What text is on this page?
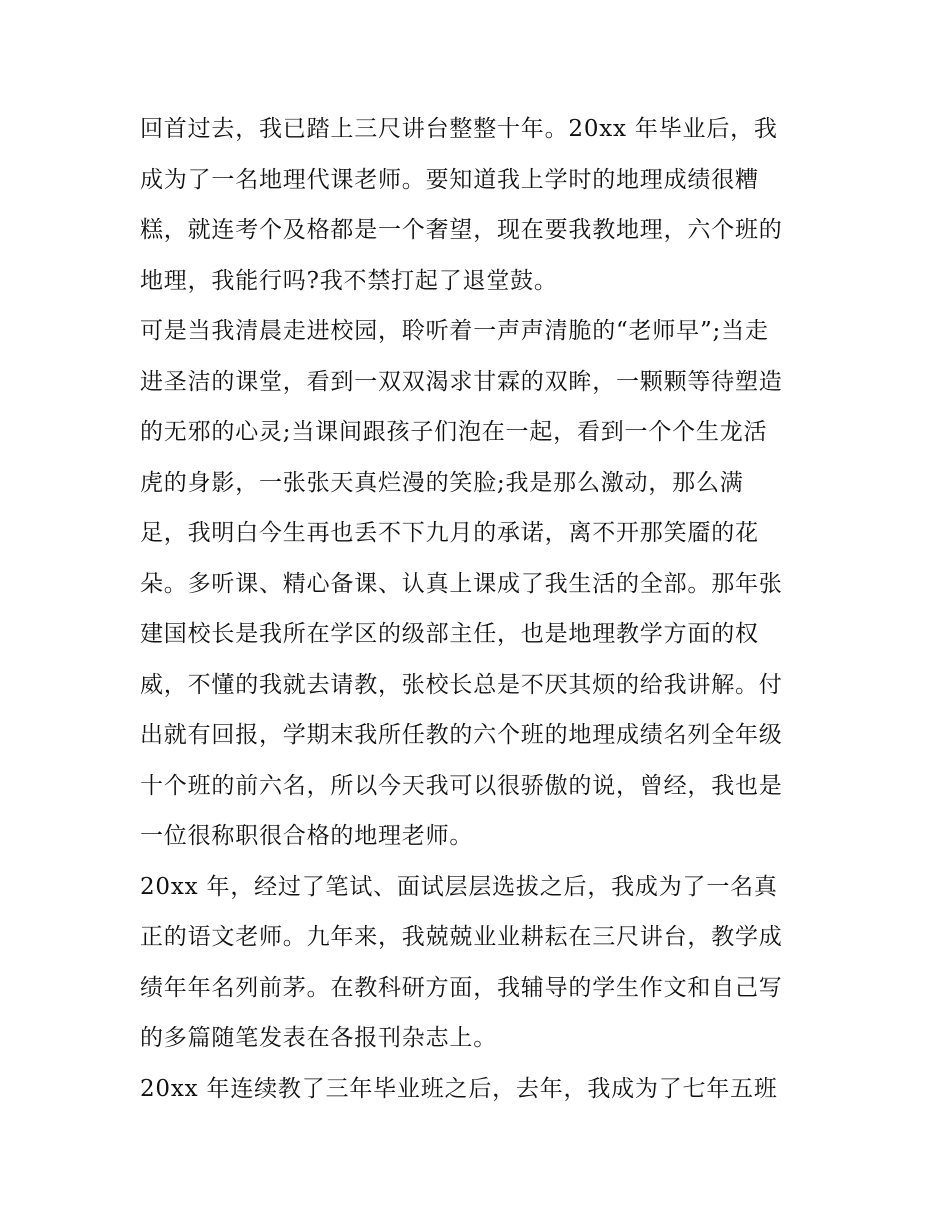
回首过去，我已踏上三尺讲台整整十年。20xx 年毕业后，我

成为了一名地理代课老师。要知道我上学时的地理成绩很糟

糕，就连考个及格都是一个奢望，现在要我教地理，六个班的

地理，我能行吗?我不禁打起了退堂鼓。

可是当我清晨走进校园，聆听着一声声清脆的“老师早”;当走

进圣洁的课堂，看到一双双渴求甘霖的双眸，一颗颗等待塑造

的无邪的心灵;当课间跟孩子们泡在一起，看到一个个生龙活

虎的身影，一张张天真烂漫的笑脸;我是那么激动，那么满

足，我明白今生再也丢不下九月的承诺，离不开那笑靥的花

朵。多听课、精心备课、认真上课成了我生活的全部。那年张

建国校长是我所在学区的级部主任，也是地理教学方面的权

威，不懂的我就去请教，张校长总是不厌其烦的给我讲解。付

出就有回报，学期末我所任教的六个班的地理成绩名列全年级

十个班的前六名，所以今天我可以很骄傲的说，曾经，我也是

一位很称职很合格的地理老师。

20xx 年，经过了笔试、面试层层选拔之后，我成为了一名真

正的语文老师。九年来，我兢兢业业耕耘在三尺讲台，教学成

绩年年名列前茅。在教科研方面，我辅导的学生作文和自己写

的多篇随笔发表在各报刊杂志上。

20xx 年连续教了三年毕业班之后，去年，我成为了七年五班
